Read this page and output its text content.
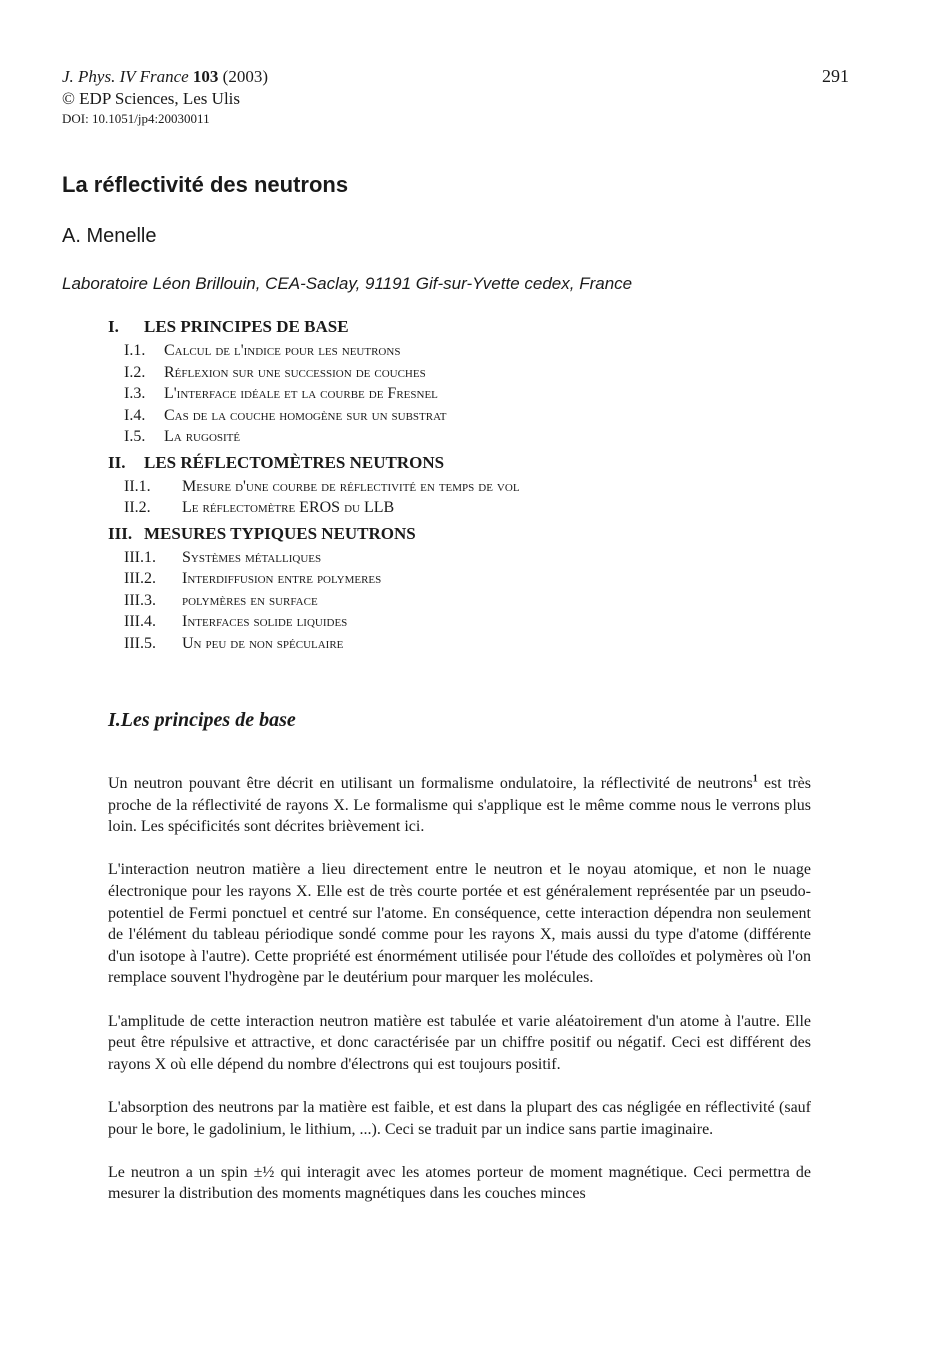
J. Phys. IV France 103 (2003)
© EDP Sciences, Les Ulis
DOI: 10.1051/jp4:20030011
291
La réflectivité des neutrons
A. Menelle
Laboratoire Léon Brillouin, CEA-Saclay, 91191 Gif-sur-Yvette cedex, France
I.	LES PRINCIPES DE BASE
I.1.	Calcul de l'indice pour les neutrons
I.2.	Réflexion sur une succession de couches
I.3.	L'interface idéale et la courbe de Fresnel
I.4.	Cas de la couche homogène sur un substrat
I.5.	La rugosité
II.	LES RÉFLECTOMÈTRES NEUTRONS
II.1.	Mesure d'une courbe de réflectivité en temps de vol
II.2.	Le réflectomètre EROS du LLB
III. MESURES TYPIQUES NEUTRONS
III.1.	Systèmes métalliques
III.2.	Interdiffusion entre polymeres
III.3.	polymères en surface
III.4.	Interfaces solide liquides
III.5.	Un peu de non spéculaire
I.Les principes de base

Un neutron pouvant être décrit en utilisant un formalisme ondulatoire, la réflectivité de neutrons$^1$ est très proche de la réflectivité de rayons X. Le formalisme qui s'applique est le même comme nous le verrons plus loin. Les spécificités sont décrites brièvement ici.

L'interaction neutron matière a lieu directement entre le neutron et le noyau atomique, et non le nuage électronique pour les rayons X. Elle est de très courte portée et est généralement représentée par un pseudo-potentiel de Fermi ponctuel et centré sur l'atome. En conséquence, cette interaction dépendra non seulement de l'élément du tableau périodique sondé comme pour les rayons X, mais aussi du type d'atome (différente d'un isotope à l'autre). Cette propriété est énormément utilisée pour l'étude des colloïdes et polymères où l'on remplace souvent l'hydrogène par le deutérium pour marquer les molécules.

L'amplitude de cette interaction neutron matière est tabulée et varie aléatoirement d'un atome à l'autre. Elle peut être répulsive et attractive, et donc caractérisée par un chiffre positif ou négatif. Ceci est différent des rayons X où elle dépend du nombre d'électrons qui est toujours positif.

L'absorption des neutrons par la matière est faible, et est dans la plupart des cas négligée en réflectivité (sauf pour le bore, le gadolinium, le lithium, ...). Ceci se traduit par un indice sans partie imaginaire.

Le neutron a un spin ±½ qui interagit avec les atomes porteur de moment magnétique. Ceci permettra de mesurer la distribution des moments magnétiques dans les couches minces
